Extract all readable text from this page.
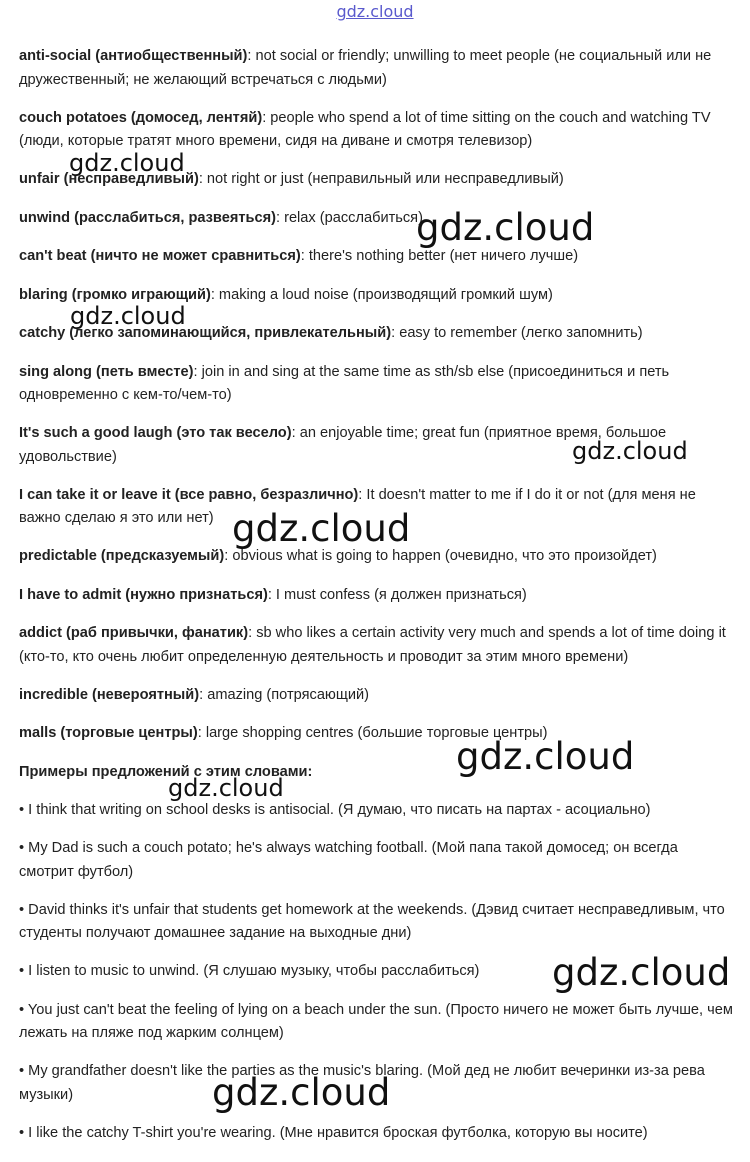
gdz.cloud

anti-social (антиобщественный): not social or friendly; unwilling to meet people (не социальный или не дружественный; не желающий встречаться с людьми)

couch potatoes (домосед, лентяй): people who spend a lot of time sitting on the couch and watching TV (люди, которые тратят много времени, сидя на диване и смотря телевизор)

unfair (несправедливый): not right or just (неправильный или несправедливый)

unwind (расслабиться, развеяться): relax (расслабиться)

can't beat (ничто не может сравниться): there's nothing better (нет ничего лучше)

blaring (громко играющий): making a loud noise (производящий громкий шум)

catchy (легко запоминающийся, привлекательный): easy to remember (легко запомнить)

sing along (петь вместе): join in and sing at the same time as sth/sb else (присоединиться и петь одновременно с кем-то/чем-то)

It's such a good laugh (это так весело): an enjoyable time; great fun (приятное время, большое удовольствие)

I can take it or leave it (все равно, безразлично): It doesn't matter to me if I do it or not (для меня не важно сделаю я это или нет)

predictable (предсказуемый): obvious what is going to happen (очевидно, что это произойдет)

I have to admit (нужно признаться): I must confess (я должен признаться)

addict (раб привычки, фанатик): sb who likes a certain activity very much and spends a lot of time doing it (кто-то, кто очень любит определенную деятельность и проводит за этим много времени)

incredible (невероятный): amazing (потрясающий)

malls (торговые центры): large shopping centres (большие торговые центры)

Примеры предложений с этим словами:

• I think that writing on school desks is antisocial. (Я думаю, что писать на партах - асоциально)

• My Dad is such a couch potato; he's always watching football. (Мой папа такой домосед; он всегда смотрит футбол)

• David thinks it's unfair that students get homework at the weekends. (Дэвид считает несправедливым, что студенты получают домашнее задание на выходные дни)

• I listen to music to unwind. (Я слушаю музыку, чтобы расслабиться)

• You just can't beat the feeling of lying on a beach under the sun. (Просто ничего не может быть лучше, чем лежать на пляже под жарким солнцем)

• My grandfather doesn't like the parties as the music's blaring. (Мой дед не любит вечеринки из-за рева музыки)

• I like the catchy T-shirt you're wearing. (Мне нравится броская футболка, которую вы носите)

gdz.cloud
gdz.cloud
gdz.cloud
gdz.cloud
gdz.cloud
gdz.cloud
gdz.cloud
gdz.cloud
gdz.cloud
